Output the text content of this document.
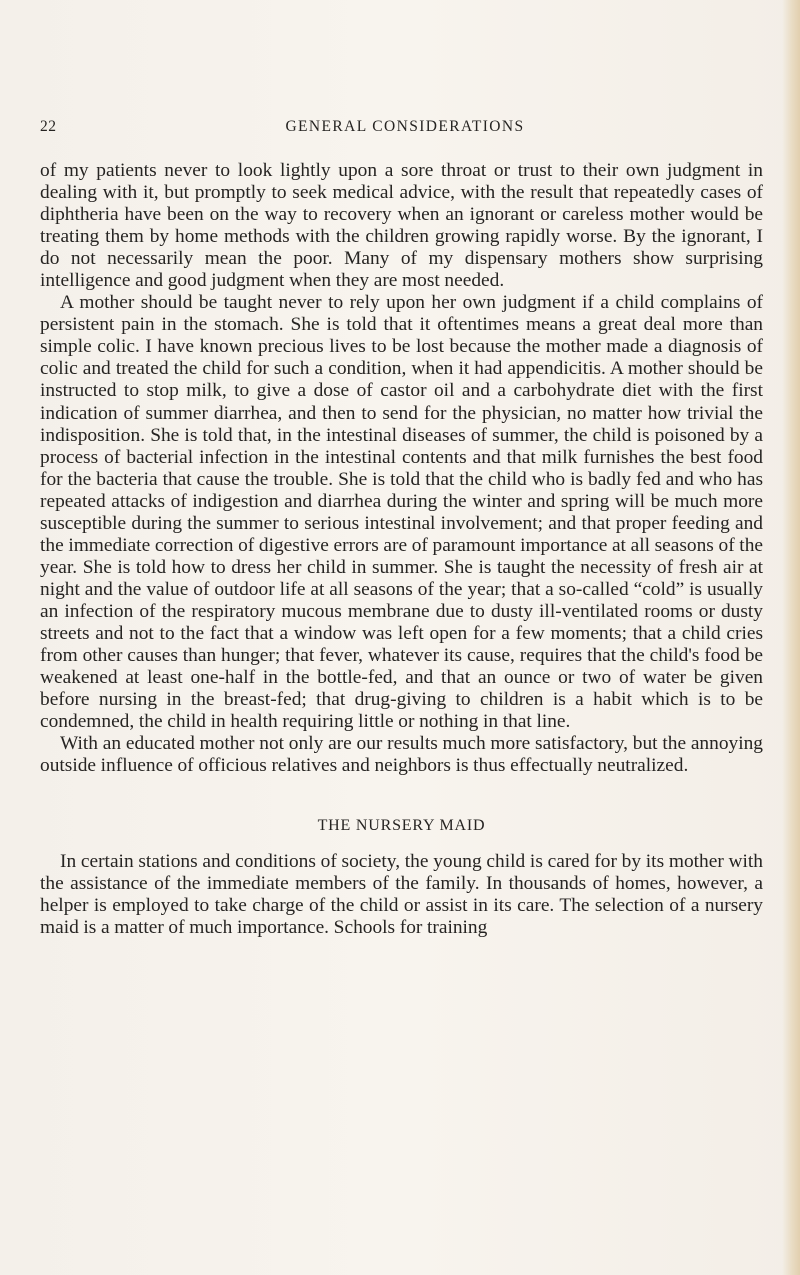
22	GENERAL CONSIDERATIONS

of my patients never to look lightly upon a sore throat or trust to their own judgment in dealing with it, but promptly to seek medical advice, with the result that repeatedly cases of diphtheria have been on the way to recovery when an ignorant or careless mother would be treating them by home methods with the children growing rapidly worse. By the ignorant, I do not necessarily mean the poor. Many of my dispensary mothers show surprising intelligence and good judgment when they are most needed.

A mother should be taught never to rely upon her own judgment if a child complains of persistent pain in the stomach. She is told that it oftentimes means a great deal more than simple colic. I have known precious lives to be lost because the mother made a diagnosis of colic and treated the child for such a condition, when it had appendicitis. A mother should be instructed to stop milk, to give a dose of castor oil and a carbohydrate diet with the first indication of summer diarrhea, and then to send for the physician, no matter how trivial the indisposition. She is told that, in the intestinal diseases of summer, the child is poisoned by a process of bacterial infection in the intestinal contents and that milk furnishes the best food for the bacteria that cause the trouble. She is told that the child who is badly fed and who has repeated attacks of indigestion and diarrhea during the winter and spring will be much more susceptible during the summer to serious intestinal involvement; and that proper feeding and the immediate correction of digestive errors are of paramount importance at all seasons of the year. She is told how to dress her child in summer. She is taught the necessity of fresh air at night and the value of outdoor life at all seasons of the year; that a so-called “cold” is usually an infection of the respiratory mucous membrane due to dusty ill-ventilated rooms or dusty streets and not to the fact that a window was left open for a few moments; that a child cries from other causes than hunger; that fever, whatever its cause, requires that the child's food be weakened at least one-half in the bottle-fed, and that an ounce or two of water be given before nursing in the breast-fed; that drug-giving to children is a habit which is to be condemned, the child in health requiring little or nothing in that line.

With an educated mother not only are our results much more satisfactory, but the annoying outside influence of officious relatives and neighbors is thus effectually neutralized.

THE NURSERY MAID

In certain stations and conditions of society, the young child is cared for by its mother with the assistance of the immediate members of the family. In thousands of homes, however, a helper is employed to take charge of the child or assist in its care. The selection of a nursery maid is a matter of much importance. Schools for training
